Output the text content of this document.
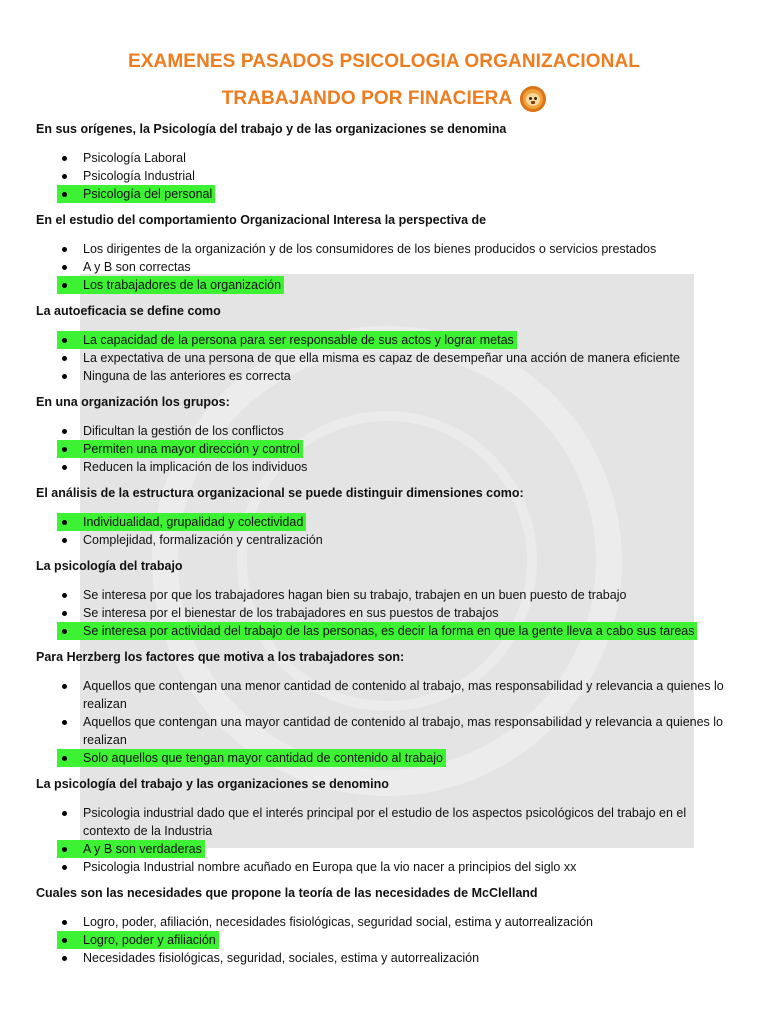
EXAMENES PASADOS PSICOLOGIA ORGANIZACIONAL
TRABAJANDO POR FINACIERA

En sus orígenes, la Psicología del trabajo y de las organizaciones se denomina

Psicología Laboral
Psicología Industrial
Psicología del personal

En el estudio del comportamiento Organizacional Interesa la perspectiva de

Los dirigentes de la organización y de los consumidores de los bienes producidos o servicios prestados
A y B son correctas
Los trabajadores de la organización

La autoeficacia se define como

La capacidad de la persona para ser responsable de sus actos y lograr metas
La expectativa de una persona de que ella misma es capaz de desempeñar una acción de manera eficiente
Ninguna de las anteriores es correcta

En una organización los grupos:

Dificultan la gestión de los conflictos
Permiten una mayor dirección y control
Reducen la implicación de los individuos

El análisis de la estructura organizacional se puede distinguir dimensiones como:

Individualidad, grupalidad y colectividad
Complejidad, formalización y centralización

La psicología del trabajo

Se interesa por que los trabajadores hagan bien su trabajo, trabajen en un buen puesto de trabajo
Se interesa por el bienestar de los trabajadores en sus puestos de trabajos
Se interesa por actividad del trabajo de las personas, es decir la forma en que la gente lleva a cabo sus tareas

Para Herzberg los factores que motiva a los trabajadores son:

Aquellos que contengan una menor cantidad de contenido al trabajo, mas responsabilidad y relevancia a quienes lo realizan
Aquellos que contengan una mayor cantidad de contenido al trabajo, mas responsabilidad y relevancia a quienes lo realizan
Solo aquellos que tengan mayor cantidad de contenido al trabajo

La psicología del trabajo y las organizaciones se denomino

Psicologia industrial dado que el interés principal por el estudio de los aspectos psicológicos del trabajo en el contexto de la Industria
A y B son verdaderas
Psicologia Industrial nombre acuñado en Europa que la vio nacer a principios del siglo xx

Cuales son las necesidades que propone la teoría de las necesidades de McClelland

Logro, poder, afiliación, necesidades fisiológicas, seguridad social, estima y autorrealización
Logro, poder y afiliación
Necesidades fisiológicas, seguridad, sociales, estima y autorrealización
